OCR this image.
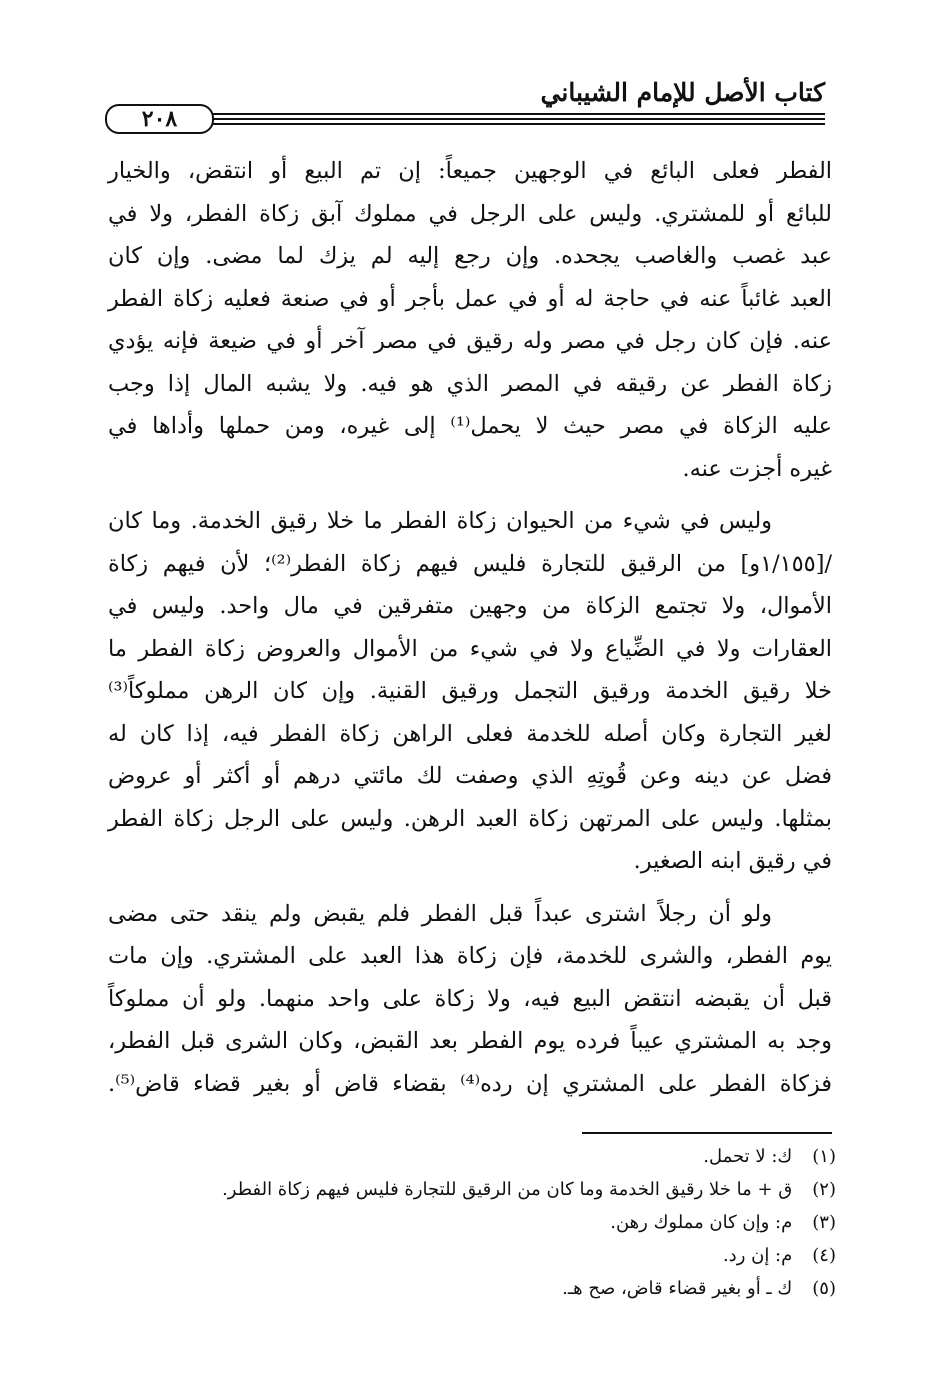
كتاب الأصل للإمام الشيباني
٢٠٨

الفطر فعلى البائع في الوجهين جميعاً: إن تم البيع أو انتقض، والخيار
للبائع أو للمشتري. وليس على الرجل في مملوك آبق زكاة الفطر، ولا في
عبد غصب والغاصب يجحده. وإن رجع إليه لم يزك لما مضى. وإن كان
العبد غائباً عنه في حاجة له أو في عمل بأجر أو في صنعة فعليه زكاة الفطر
عنه. فإن كان رجل في مصر وله رقيق في مصر آخر أو في ضيعة فإنه يؤدي
زكاة الفطر عن رقيقه في المصر الذي هو فيه. ولا يشبه المال إذا وجب
عليه الزكاة في مصر حيث لا يحمل⁽¹⁾ إلى غيره، ومن حملها وأداها في
غيره أجزت عنه.

وليس في شيء من الحيوان زكاة الفطر ما خلا رقيق الخدمة. وما كان
/[١/١٥٥و] من الرقيق للتجارة فليس فيهم زكاة الفطر⁽²⁾؛ لأن فيهم زكاة
الأموال، ولا تجتمع الزكاة من وجهين متفرقين في مال واحد. وليس في
العقارات ولا في الضِّياع ولا في شيء من الأموال والعروض زكاة الفطر ما
خلا رقيق الخدمة ورقيق التجمل ورقيق القنية. وإن كان الرهن مملوكاً⁽³⁾
لغير التجارة وكان أصله للخدمة فعلى الراهن زكاة الفطر فيه، إذا كان له
فضل عن دينه وعن قُوتِهِ الذي وصفت لك مائتي درهم أو أكثر أو عروض
بمثلها. وليس على المرتهن زكاة العبد الرهن. وليس على الرجل زكاة الفطر
في رقيق ابنه الصغير.

ولو أن رجلاً اشترى عبداً قبل الفطر فلم يقبض ولم ينقد حتى مضى
يوم الفطر، والشرى للخدمة، فإن زكاة هذا العبد على المشتري. وإن مات
قبل أن يقبضه انتقض البيع فيه، ولا زكاة على واحد منهما. ولو أن مملوكاً
وجد به المشتري عيباً فرده يوم الفطر بعد القبض، وكان الشرى قبل الفطر،
فزكاة الفطر على المشتري إن رده⁽⁴⁾ بقضاء قاض أو بغير قضاء قاض⁽⁵⁾.

(١) ك: لا تحمل.
(٢) ق + ما خلا رقيق الخدمة وما كان من الرقيق للتجارة فليس فيهم زكاة الفطر.
(٣) م: وإن كان مملوك رهن.
(٤) م: إن رد.
(٥) ك ـ أو بغير قضاء قاض، صح هـ.
